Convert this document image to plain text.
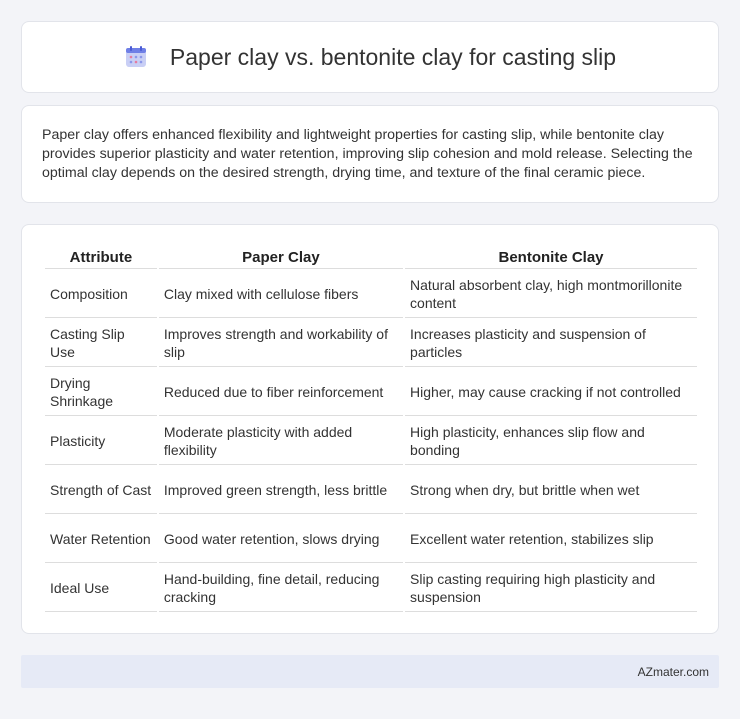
Paper clay vs. bentonite clay for casting slip

Paper clay offers enhanced flexibility and lightweight properties for casting slip, while bentonite clay provides superior plasticity and water retention, improving slip cohesion and mold release. Selecting the optimal clay depends on the desired strength, drying time, and texture of the final ceramic piece.

Attribute	Paper Clay	Bentonite Clay
Composition	Clay mixed with cellulose fibers	Natural absorbent clay, high montmorillonite content
Casting Slip Use	Improves strength and workability of slip	Increases plasticity and suspension of particles
Drying Shrinkage	Reduced due to fiber reinforcement	Higher, may cause cracking if not controlled
Plasticity	Moderate plasticity with added flexibility	High plasticity, enhances slip flow and bonding
Strength of Cast	Improved green strength, less brittle	Strong when dry, but brittle when wet
Water Retention	Good water retention, slows drying	Excellent water retention, stabilizes slip
Ideal Use	Hand-building, fine detail, reducing cracking	Slip casting requiring high plasticity and suspension
AZmater.com
